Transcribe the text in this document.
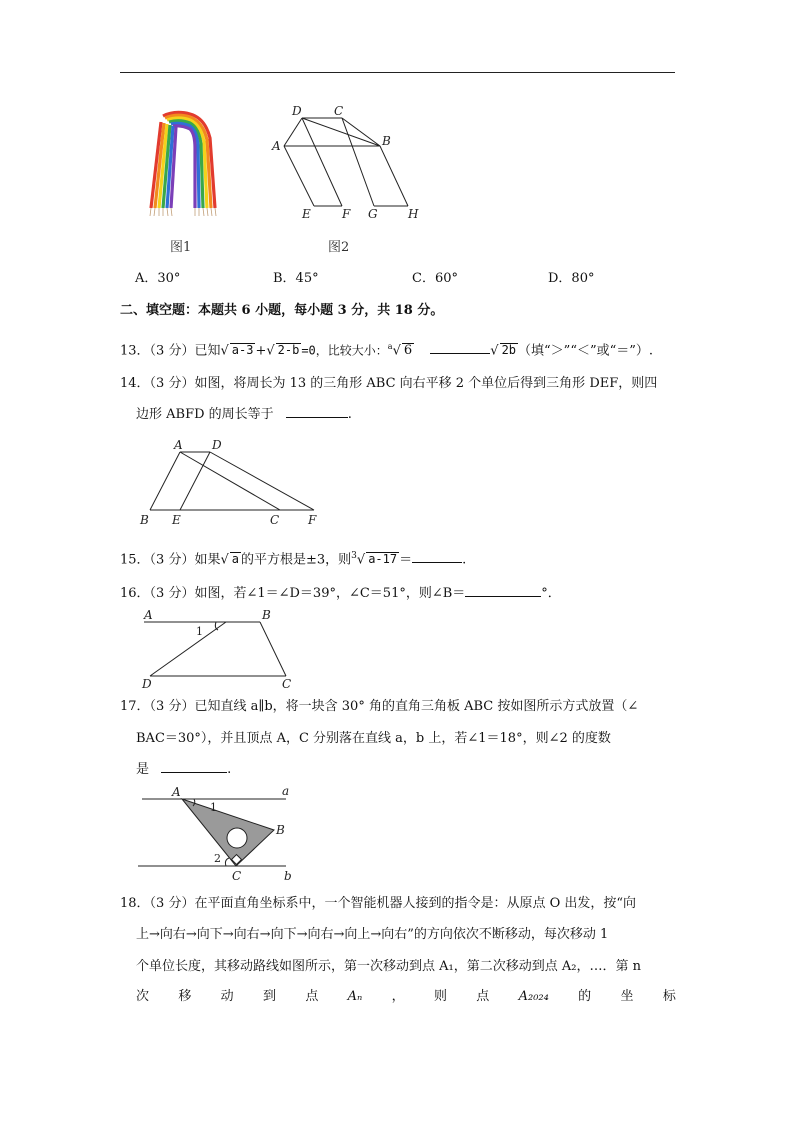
图1
D	C
B
A
E	F G	H
图2
A．30°	B．45°	C．60°	D．80°
二、填空题：本题共 6 小题，每小题 3 分，共 18 分。
13．（3 分）已知√ a-3 +√ 2-b =0，比较大小：$^a$√ 6	√ 2b （填“＞”“＜”或“＝”）.
14．（3 分）如图，将周长为 13 的三角形 ABC 向右平移 2 个单位后得到三角形 DEF，则四
边形 ABFD 的周长等于	.
A D
B E	C F
15．（3 分）如果√ a 的平方根是±3，则$^3$√ a-17 ＝	.
16．（3 分）如图，若∠1＝∠D＝39°，∠C＝51°，则∠B＝	°．
A	B
1
D	C
17．（3 分）已知直线 a∥b，将一块含 30° 角的直角三角板 ABC 按如图所示方式放置（∠
BAC＝30°），并且顶点 A，C 分别落在直线 a，b 上，若∠1＝18°，则∠2 的度数
是	.
A
1
a
B
2
C	b
18．（3 分）在平面直角坐标系中，一个智能机器人接到的指令是：从原点 O 出发，按“向
上→向右→向下→向右→向下→向右→向上→向右”的方向依次不断移动，每次移动 1
个单位长度，其移动路线如图所示，第一次移动到点 A₁，第二次移动到点 A₂，…．第 n
次 移 动 到 点 Aₙ ， 则 点 A₂₀₂₄ 的 坐 标
